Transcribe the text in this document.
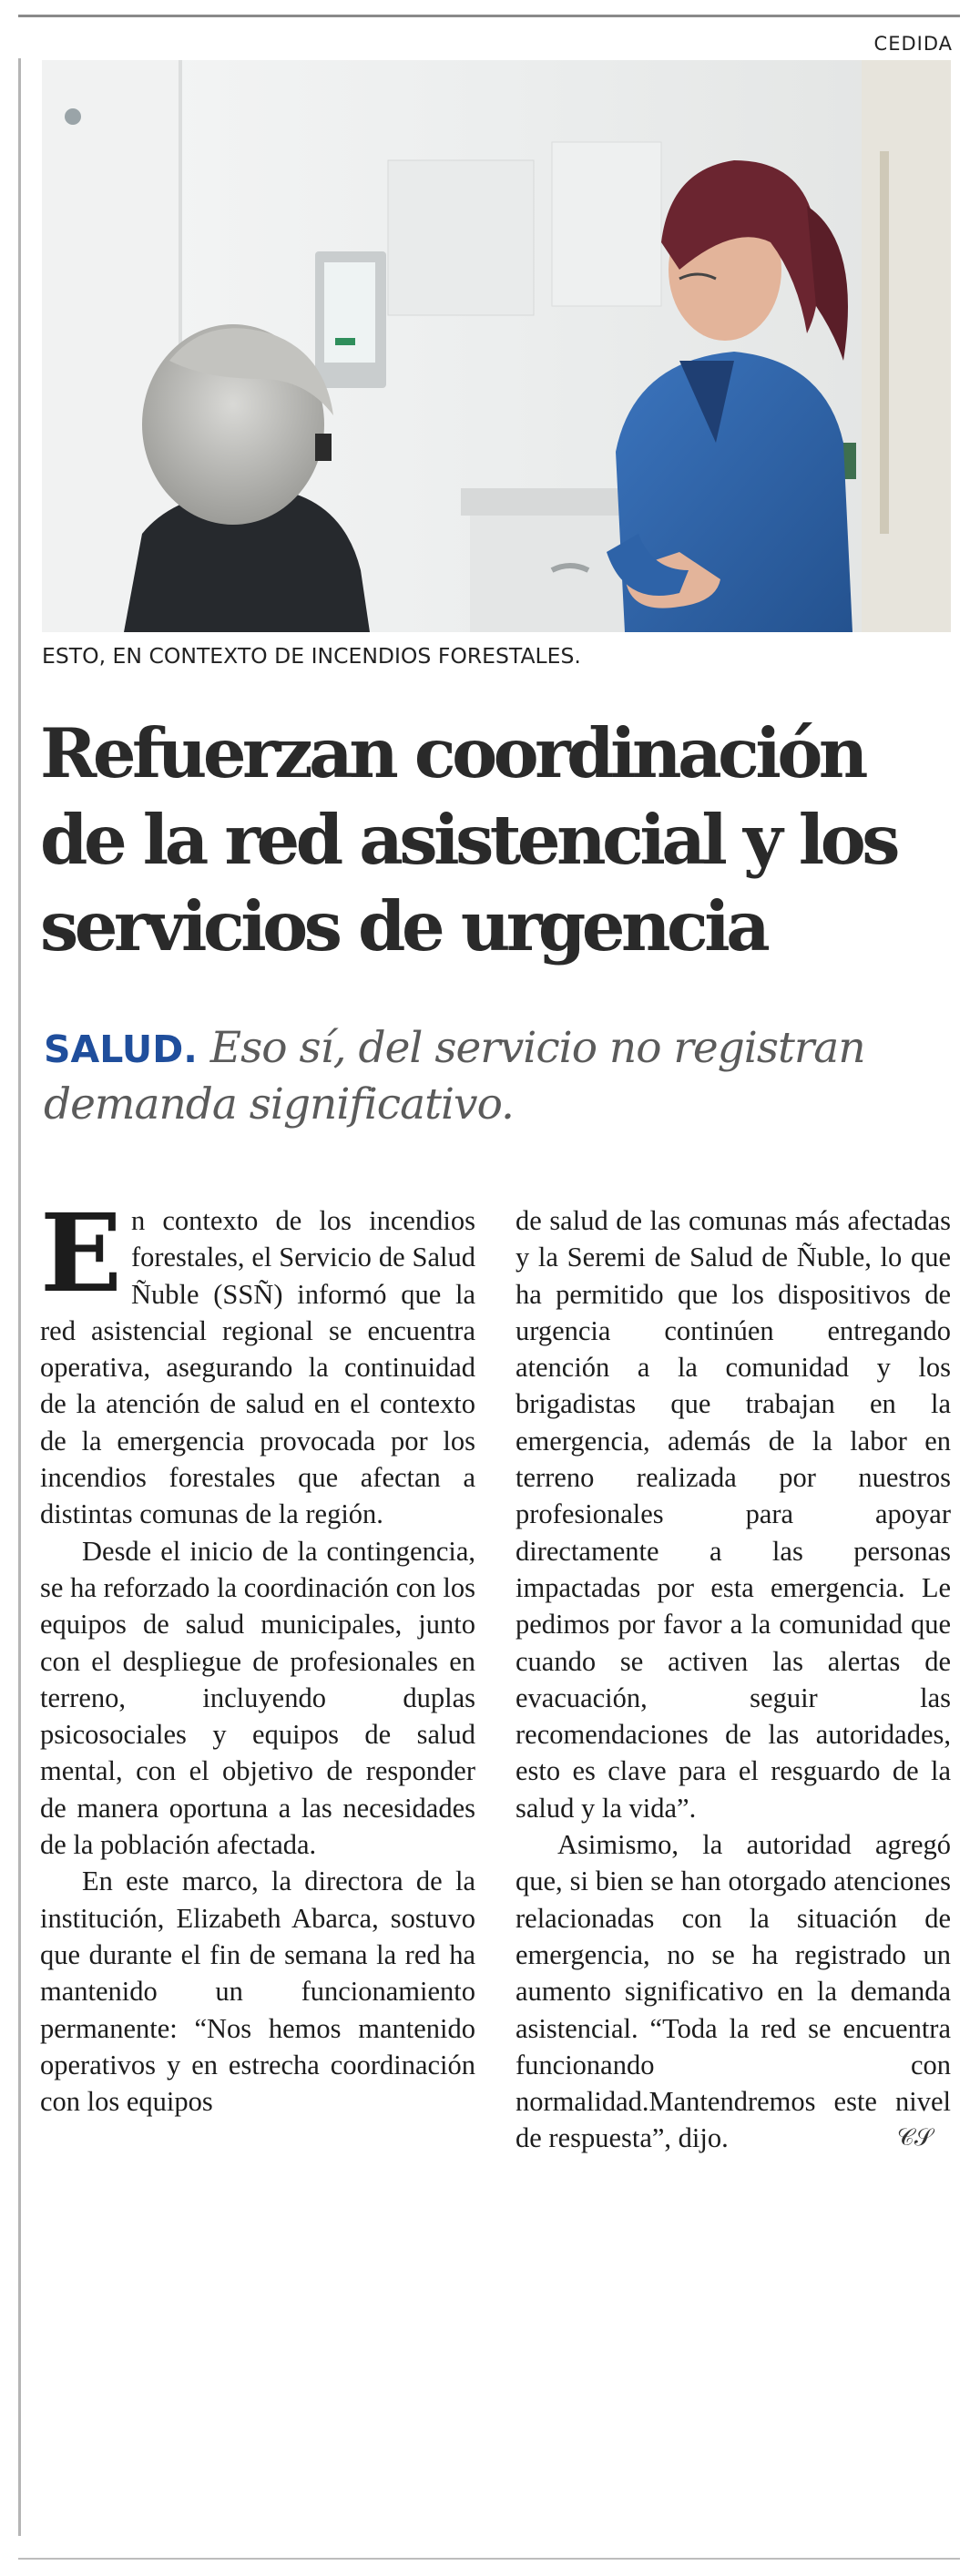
CEDIDA
ESTO, EN CONTEXTO DE INCENDIOS FORESTALES.
Refuerzan coordinación
de la red asistencial y los
servicios de urgencia
SALUD. Eso sí, del servicio no registran
demanda significativo.

En contexto de los incendios forestales, el Servicio de Salud Ñuble (SSÑ) informó que la red asistencial regional se encuentra operativa, asegurando la continuidad de la atención de salud en el contexto de la emergencia provocada por los incendios forestales que afectan a distintas comunas de la región.

Desde el inicio de la contingencia, se ha reforzado la coordinación con los equipos de salud municipales, junto con el despliegue de profesionales en terreno, incluyendo duplas psicosociales y equipos de salud mental, con el objetivo de responder de manera oportuna a las necesidades de la población afectada.

En este marco, la directora de la institución, Elizabeth Abarca, sostuvo que durante el fin de semana la red ha mantenido un funcionamiento permanente: “Nos hemos mantenido operativos y en estrecha coordinación con los equipos

de salud de las comunas más afectadas y la Seremi de Salud de Ñuble, lo que ha permitido que los dispositivos de urgencia continúen entregando atención a la comunidad y los brigadistas que trabajan en la emergencia, además de la labor en terreno realizada por nuestros profesionales para apoyar directamente a las personas impactadas por esta emergencia. Le pedimos por favor a la comunidad que cuando se activen las alertas de evacuación, seguir las recomendaciones de las autoridades, esto es clave para el resguardo de la salud y la vida”.

Asimismo, la autoridad agregó que, si bien se han otorgado atenciones relacionadas con la situación de emergencia, no se ha registrado un aumento significativo en la demanda asistencial. “Toda la red se encuentra funcionando con normalidad.Mantendremos este nivel de respuesta”, dijo.	𝒞𝒮
